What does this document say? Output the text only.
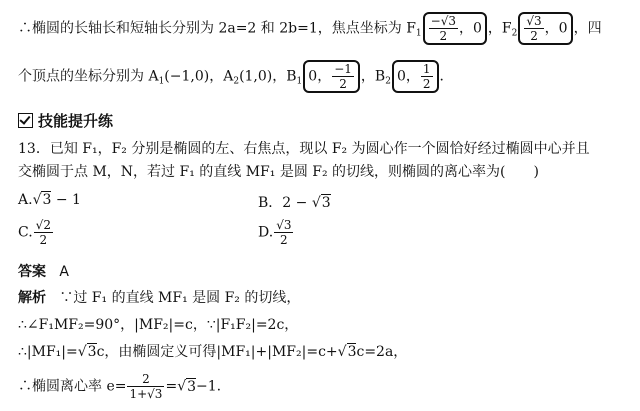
∴椭圆的长轴长和短轴长分别为 2a=2 和 2b=1，焦点坐标为 $F_1 \frac{-√3}{2}$ ，0 ，$F_2 \frac{√3}{2}$ ，0 ，四
个顶点的坐标分别为 $A_1(-1,0)$，$A_2(1,0)$，$B_1$ 0， $\frac{-1}{2}$ ，$B_2$ 0， $\frac{1}{2}$ ．
技能提升练
13．已知 F₁，F₂ 分别是椭圆的左、右焦点，现以 F₂ 为圆心作一个圆恰好经过椭圆中心并且
交椭圆于点 M，N，若过 F₁ 的直线 MF₁ 是圆 F₂ 的切线，则椭圆的离心率为( )
A.√3 − 1	B．2 − √3
C. $\frac{√2}{2}$	D. $\frac{√3}{2}$
答案 A
解析 ∵过 F₁ 的直线 MF₁ 是圆 F₂ 的切线，
∴∠F₁MF₂=90°，|MF₂|=c，∵|F₁F₂|=2c，
∴|MF₁|=√3c，由椭圆定义可得|MF₁|+|MF₂|=c+√3c=2a，
∴椭圆离心率 $e= \frac{2}{1+√3} =√3-1$.
